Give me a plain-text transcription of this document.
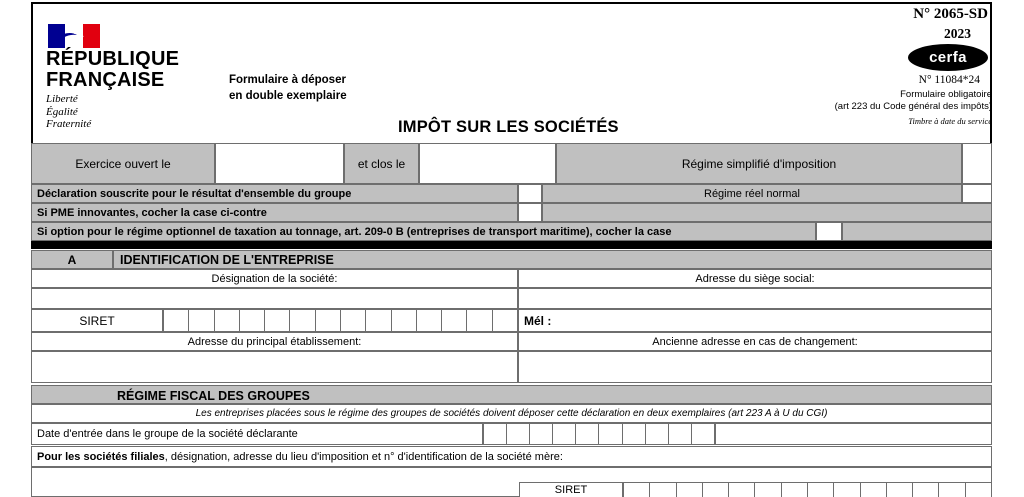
RÉPUBLIQUE
FRANÇAISE
Liberté
Égalité
Fraternité
Formulaire à déposer
en double exemplaire
IMPÔT SUR LES SOCIÉTÉS
N° 2065-SD
2023
cerfa
N° 11084*24
Formulaire obligatoire
(art 223 du Code général des impôts)
Timbre à date du service
Exercice ouvert le	et clos le	Régime simplifié d'imposition
Déclaration souscrite pour le résultat d'ensemble du groupe	Régime réel normal
Si PME innovantes, cocher la case ci-contre
Si option pour le régime optionnel de taxation au tonnage, art. 209-0 B (entreprises de transport maritime), cocher la case
A	IDENTIFICATION DE L'ENTREPRISE
Désignation de la société:	Adresse du siège social:
SIRET	Mél :
Adresse du principal établissement:	Ancienne adresse en cas de changement:
RÉGIME FISCAL DES GROUPES
Les entreprises placées sous le régime des groupes de sociétés doivent déposer cette déclaration en deux exemplaires (art 223 A à U du CGI)
Date d'entrée dans le groupe de la société déclarante
Pour les sociétés filiales , désignation, adresse du lieu d'imposition et n° d'identification de la société mère:
SIRET
